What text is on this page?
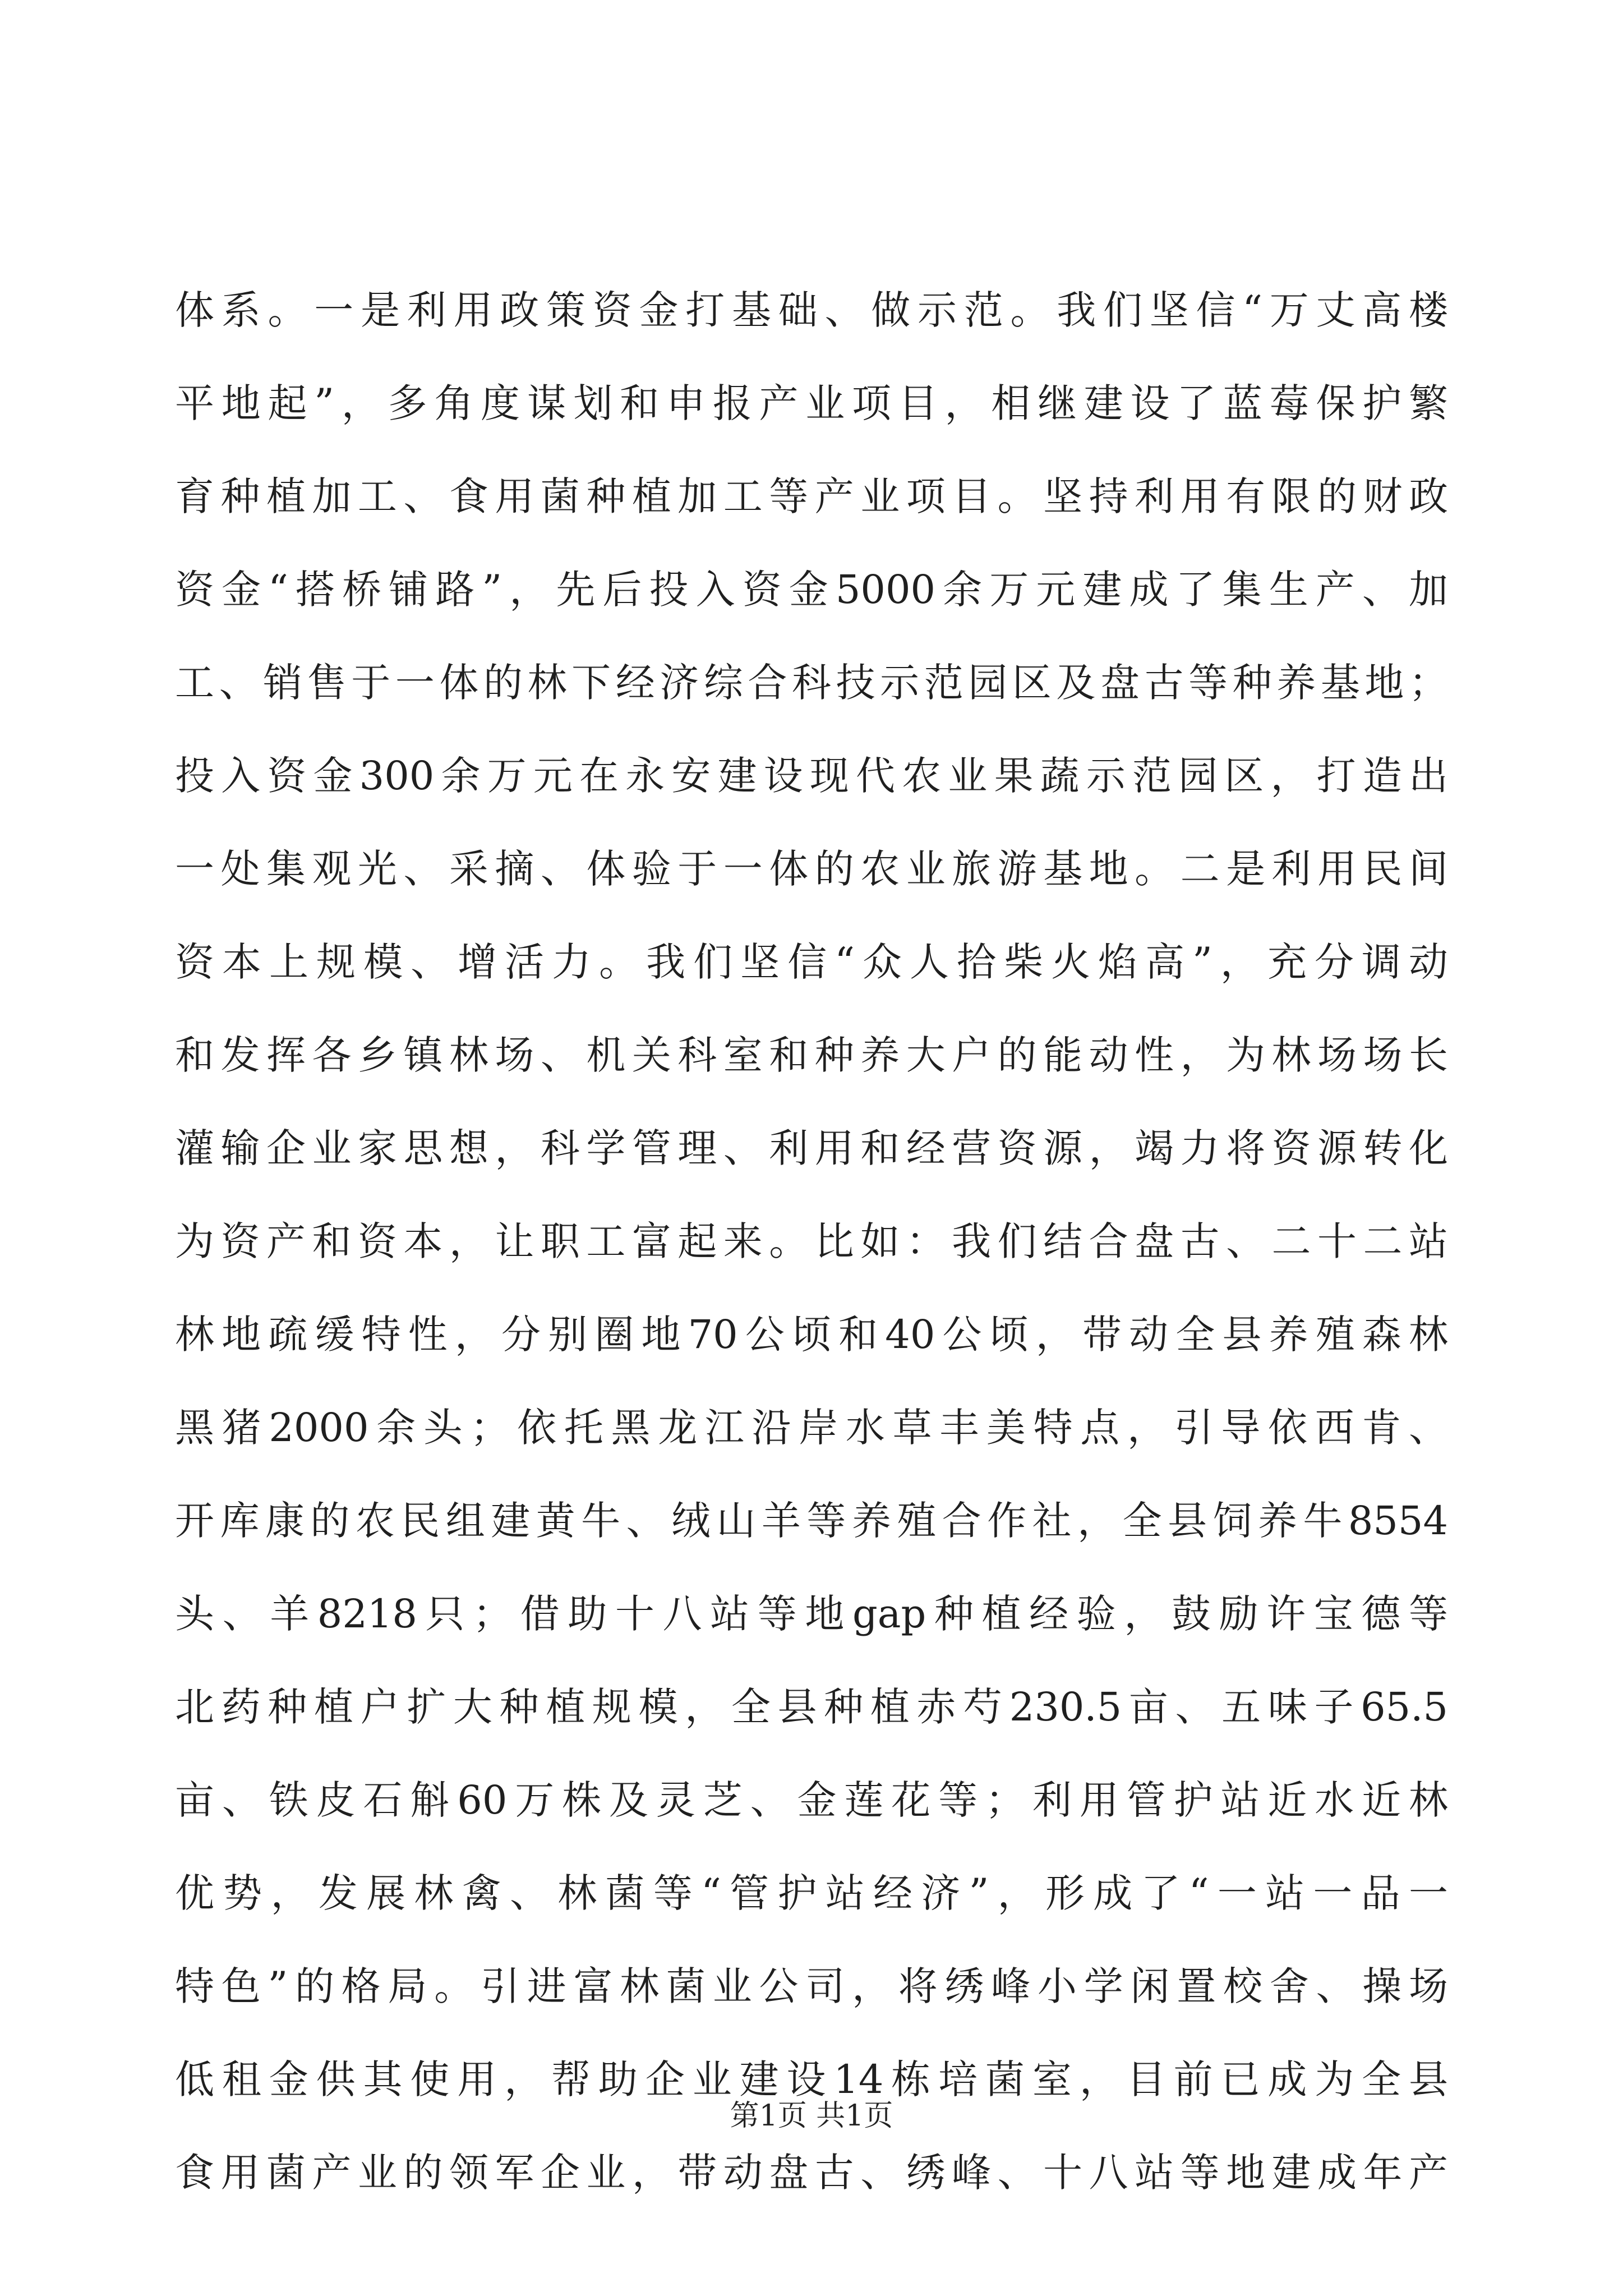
体系。一是利用政策资金打基础、做示范。我们坚信“万丈高楼
平地起”，多角度谋划和申报产业项目，相继建设了蓝莓保护繁
育种植加工、食用菌种植加工等产业项目。坚持利用有限的财政
资金“搭桥铺路”，先后投入资金5000余万元建成了集生产、加
工、销售于一体的林下经济综合科技示范园区及盘古等种养基地；
投入资金300余万元在永安建设现代农业果蔬示范园区，打造出
一处集观光、采摘、体验于一体的农业旅游基地。二是利用民间
资本上规模、增活力。我们坚信“众人拾柴火焰高”，充分调动
和发挥各乡镇林场、机关科室和种养大户的能动性，为林场场长
灌输企业家思想，科学管理、利用和经营资源，竭力将资源转化
为资产和资本，让职工富起来。比如：我们结合盘古、二十二站
林地疏缓特性，分别圈地70公顷和40公顷，带动全县养殖森林
黑猪2000余头；依托黑龙江沿岸水草丰美特点，引导依西肯、
开库康的农民组建黄牛、绒山羊等养殖合作社，全县饲养牛8554
头、羊8218只；借助十八站等地gap种植经验，鼓励许宝德等
北药种植户扩大种植规模，全县种植赤芍230.5亩、五味子65.5
亩、铁皮石斛60万株及灵芝、金莲花等；利用管护站近水近林
优势，发展林禽、林菌等“管护站经济”，形成了“一站一品一
特色”的格局。引进富林菌业公司，将绣峰小学闲置校舍、操场
低租金供其使用，帮助企业建设14栋培菌室，目前已成为全县
食用菌产业的领军企业，带动盘古、绣峰、十八站等地建成年产
第1页 共1页
